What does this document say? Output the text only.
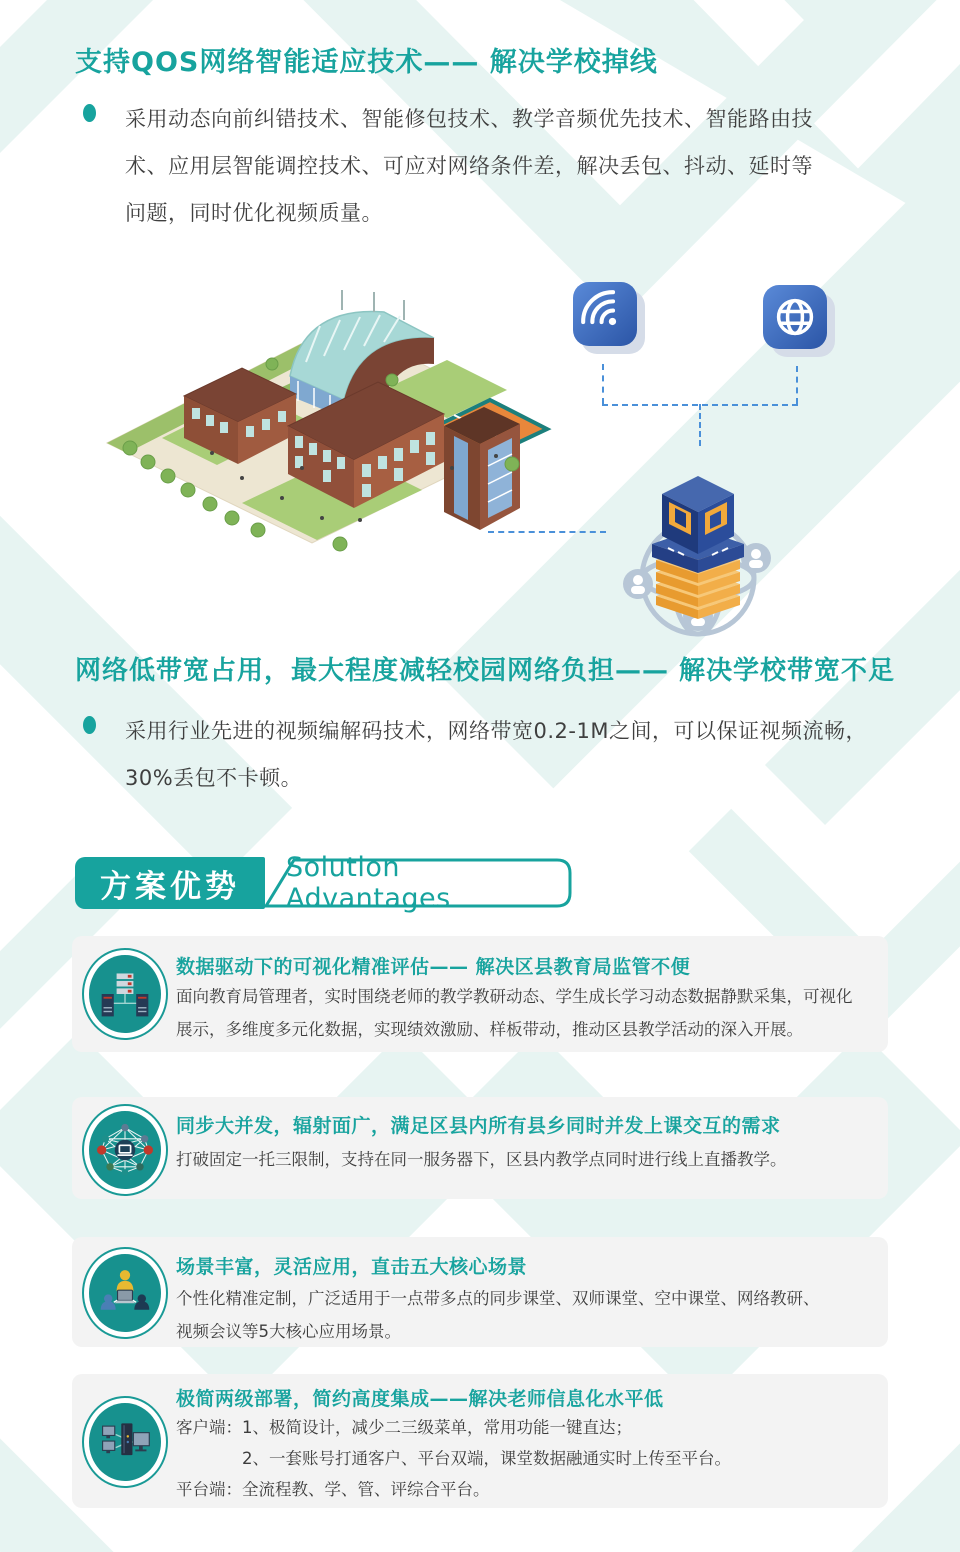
支持QOS网络智能适应技术—— 解决学校掉线
采用动态向前纠错技术、智能修包技术、教学音频优先技术、智能路由技术、应用层智能调控技术、可应对网络条件差，解决丢包、抖动、延时等问题，同时优化视频质量。
网络低带宽占用，最大程度减轻校园网络负担—— 解决学校带宽不足
采用行业先进的视频编解码技术，网络带宽0.2-1M之间，可以保证视频流畅，30%丢包不卡顿。
方案优势
Solution Advantages
数据驱动下的可视化精准评估—— 解决区县教育局监管不便
面向教育局管理者，实时围绕老师的教学教研动态、学生成长学习动态数据静默采集，可视化展示，多维度多元化数据，实现绩效激励、样板带动，推动区县教学活动的深入开展。
同步大并发，辐射面广，满足区县内所有县乡同时并发上课交互的需求
打破固定一托三限制，支持在同一服务器下，区县内教学点同时进行线上直播教学。
场景丰富，灵活应用，直击五大核心场景
个性化精准定制，广泛适用于一点带多点的同步课堂、双师课堂、空中课堂、网络教研、视频会议等5大核心应用场景。
极简两级部署，简约高度集成——解决老师信息化水平低
客户端：1、极简设计，减少二三级菜单，常用功能一键直达；
2、一套账号打通客户、平台双端，课堂数据融通实时上传至平台。
平台端：全流程教、学、管、评综合平台。
